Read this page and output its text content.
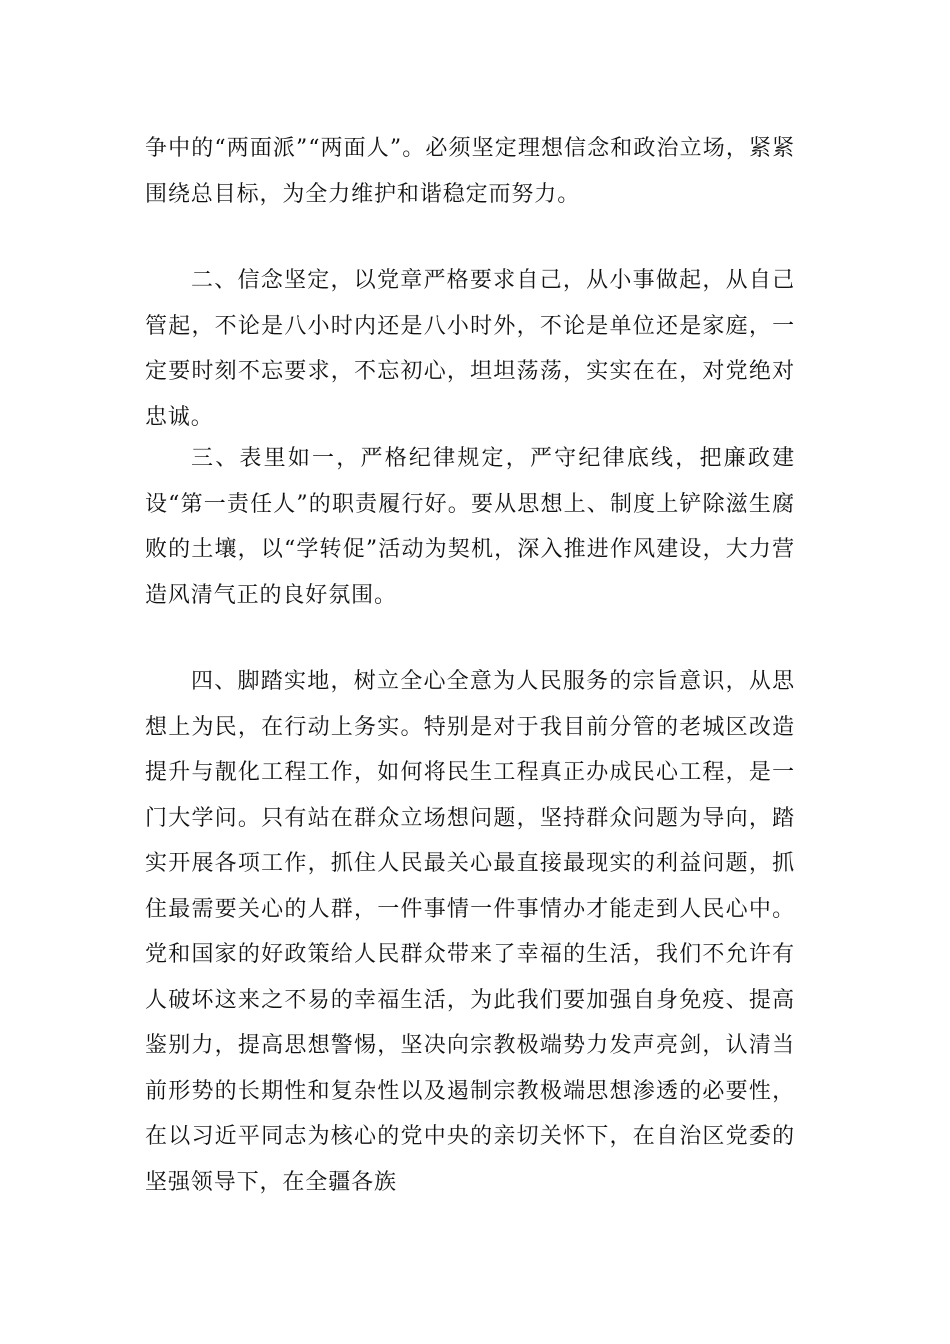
争中的“两面派”“两面人”。必须坚定理想信念和政治立场，紧紧围绕总目标，为全力维护和谐稳定而努力。

二、信念坚定，以党章严格要求自己，从小事做起，从自己管起，不论是八小时内还是八小时外，不论是单位还是家庭，一定要时刻不忘要求，不忘初心，坦坦荡荡，实实在在，对党绝对忠诚。

三、表里如一，严格纪律规定，严守纪律底线，把廉政建设“第一责任人”的职责履行好。要从思想上、制度上铲除滋生腐败的土壤，以“学转促”活动为契机，深入推进作风建设，大力营造风清气正的良好氛围。

四、脚踏实地，树立全心全意为人民服务的宗旨意识，从思想上为民，在行动上务实。特别是对于我目前分管的老城区改造提升与靓化工程工作，如何将民生工程真正办成民心工程，是一门大学问。只有站在群众立场想问题，坚持群众问题为导向，踏实开展各项工作，抓住人民最关心最直接最现实的利益问题，抓住最需要关心的人群，一件事情一件事情办才能走到人民心中。党和国家的好政策给人民群众带来了幸福的生活，我们不允许有人破坏这来之不易的幸福生活，为此我们要加强自身免疫、提高鉴别力，提高思想警惕，坚决向宗教极端势力发声亮剑，认清当前形势的长期性和复杂性以及遏制宗教极端思想渗透的必要性，在以习近平同志为核心的党中央的亲切关怀下，在自治区党委的坚强领导下，在全疆各族
